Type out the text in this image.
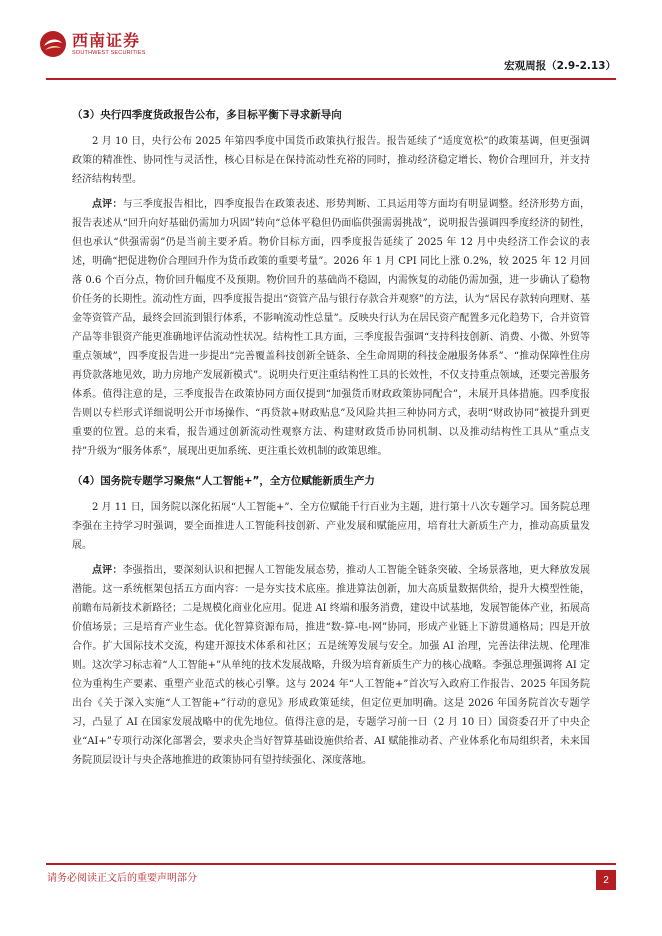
西南证券
SOUTHWEST SECURITIES
宏观周报（2.9-2.13）
（3）央行四季度货政报告公布，多目标平衡下寻求新导向

2 月 10 日，央行公布 2025 年第四季度中国货币政策执行报告。报告延续了“适度宽松”的政策基调，但更强调政策的精准性、协同性与灵活性，核心目标是在保持流动性充裕的同时，推动经济稳定增长、物价合理回升，并支持经济结构转型。

点评：与三季度报告相比，四季度报告在政策表述、形势判断、工具运用等方面均有明显调整。经济形势方面，报告表述从“回升向好基础仍需加力巩固”转向“总体平稳但仍面临供强需弱挑战”，说明报告强调四季度经济的韧性，但也承认“供强需弱”仍是当前主要矛盾。物价目标方面，四季度报告延续了 2025 年 12 月中央经济工作会议的表述，明确“把促进物价合理回升作为货币政策的重要考量”。2026 年 1 月 CPI 同比上涨 0.2%，较 2025 年 12 月回落 0.6 个百分点，物价回升幅度不及预期。物价回升的基础尚不稳固，内需恢复的动能仍需加强，进一步确认了稳物价任务的长期性。流动性方面，四季度报告提出“资管产品与银行存款合并观察”的方法，认为“居民存款转向理财、基金等资管产品，最终会回流到银行体系，不影响流动性总量”。反映央行认为在居民资产配置多元化趋势下，合并资管产品等非银资产能更准确地评估流动性状况。结构性工具方面，三季度报告强调“支持科技创新、消费、小微、外贸等重点领域”，四季度报告进一步提出“完善覆盖科技创新全链条、全生命周期的科技金融服务体系”、“推动保障性住房再贷款落地见效，助力房地产发展新模式”。说明央行更注重结构性工具的长效性，不仅支持重点领域，还要完善服务体系。值得注意的是，三季度报告在政策协同方面仅提到“加强货币财政政策协同配合”，未展开具体措施。四季度报告则以专栏形式详细说明公开市场操作、“再贷款+财政贴息”及风险共担三种协同方式，表明“财政协同”被提升到更重要的位置。总的来看，报告通过创新流动性观察方法、构建财政货币协同机制、以及推动结构性工具从“重点支持”升级为“服务体系”，展现出更加系统、更注重长效机制的政策思维。

（4）国务院专题学习聚焦“人工智能+”，全方位赋能新质生产力

2 月 11 日，国务院以深化拓展“人工智能+”、全方位赋能千行百业为主题，进行第十八次专题学习。国务院总理李强在主持学习时强调，要全面推进人工智能科技创新、产业发展和赋能应用，培育壮大新质生产力，推动高质量发展。

点评：李强指出，要深刻认识和把握人工智能发展态势，推动人工智能全链条突破、全场景落地，更大释放发展潜能。这一系统框架包括五方面内容：一是夯实技术底座。推进算法创新，加大高质量数据供给，提升大模型性能，前瞻布局新技术新路径；二是规模化商业化应用。促进 AI 终端和服务消费，建设中试基地，发展智能体产业，拓展高价值场景；三是培育产业生态。优化智算资源布局，推进“数-算-电-网”协同，形成产业链上下游贯通格局；四是开放合作。扩大国际技术交流，构建开源技术体系和社区；五是统筹发展与安全。加强 AI 治理，完善法律法规、伦理准则。这次学习标志着“人工智能+”从单纯的技术发展战略，升级为培育新质生产力的核心战略。李强总理强调将 AI 定位为重构生产要素、重塑产业范式的核心引擎。这与 2024 年“人工智能+”首次写入政府工作报告、2025 年国务院出台《关于深入实施“人工智能+”行动的意见》形成政策延续，但定位更加明确。这是 2026 年国务院首次专题学习，凸显了 AI 在国家发展战略中的优先地位。值得注意的是，专题学习前一日（2 月 10 日）国资委召开了中央企业“AI+”专项行动深化部署会，要求央企当好智算基础设施供给者、AI 赋能推动者、产业体系化布局组织者，未来国务院顶层设计与央企落地推进的政策协同有望持续强化、深度落地。

请务必阅读正文后的重要声明部分	2
